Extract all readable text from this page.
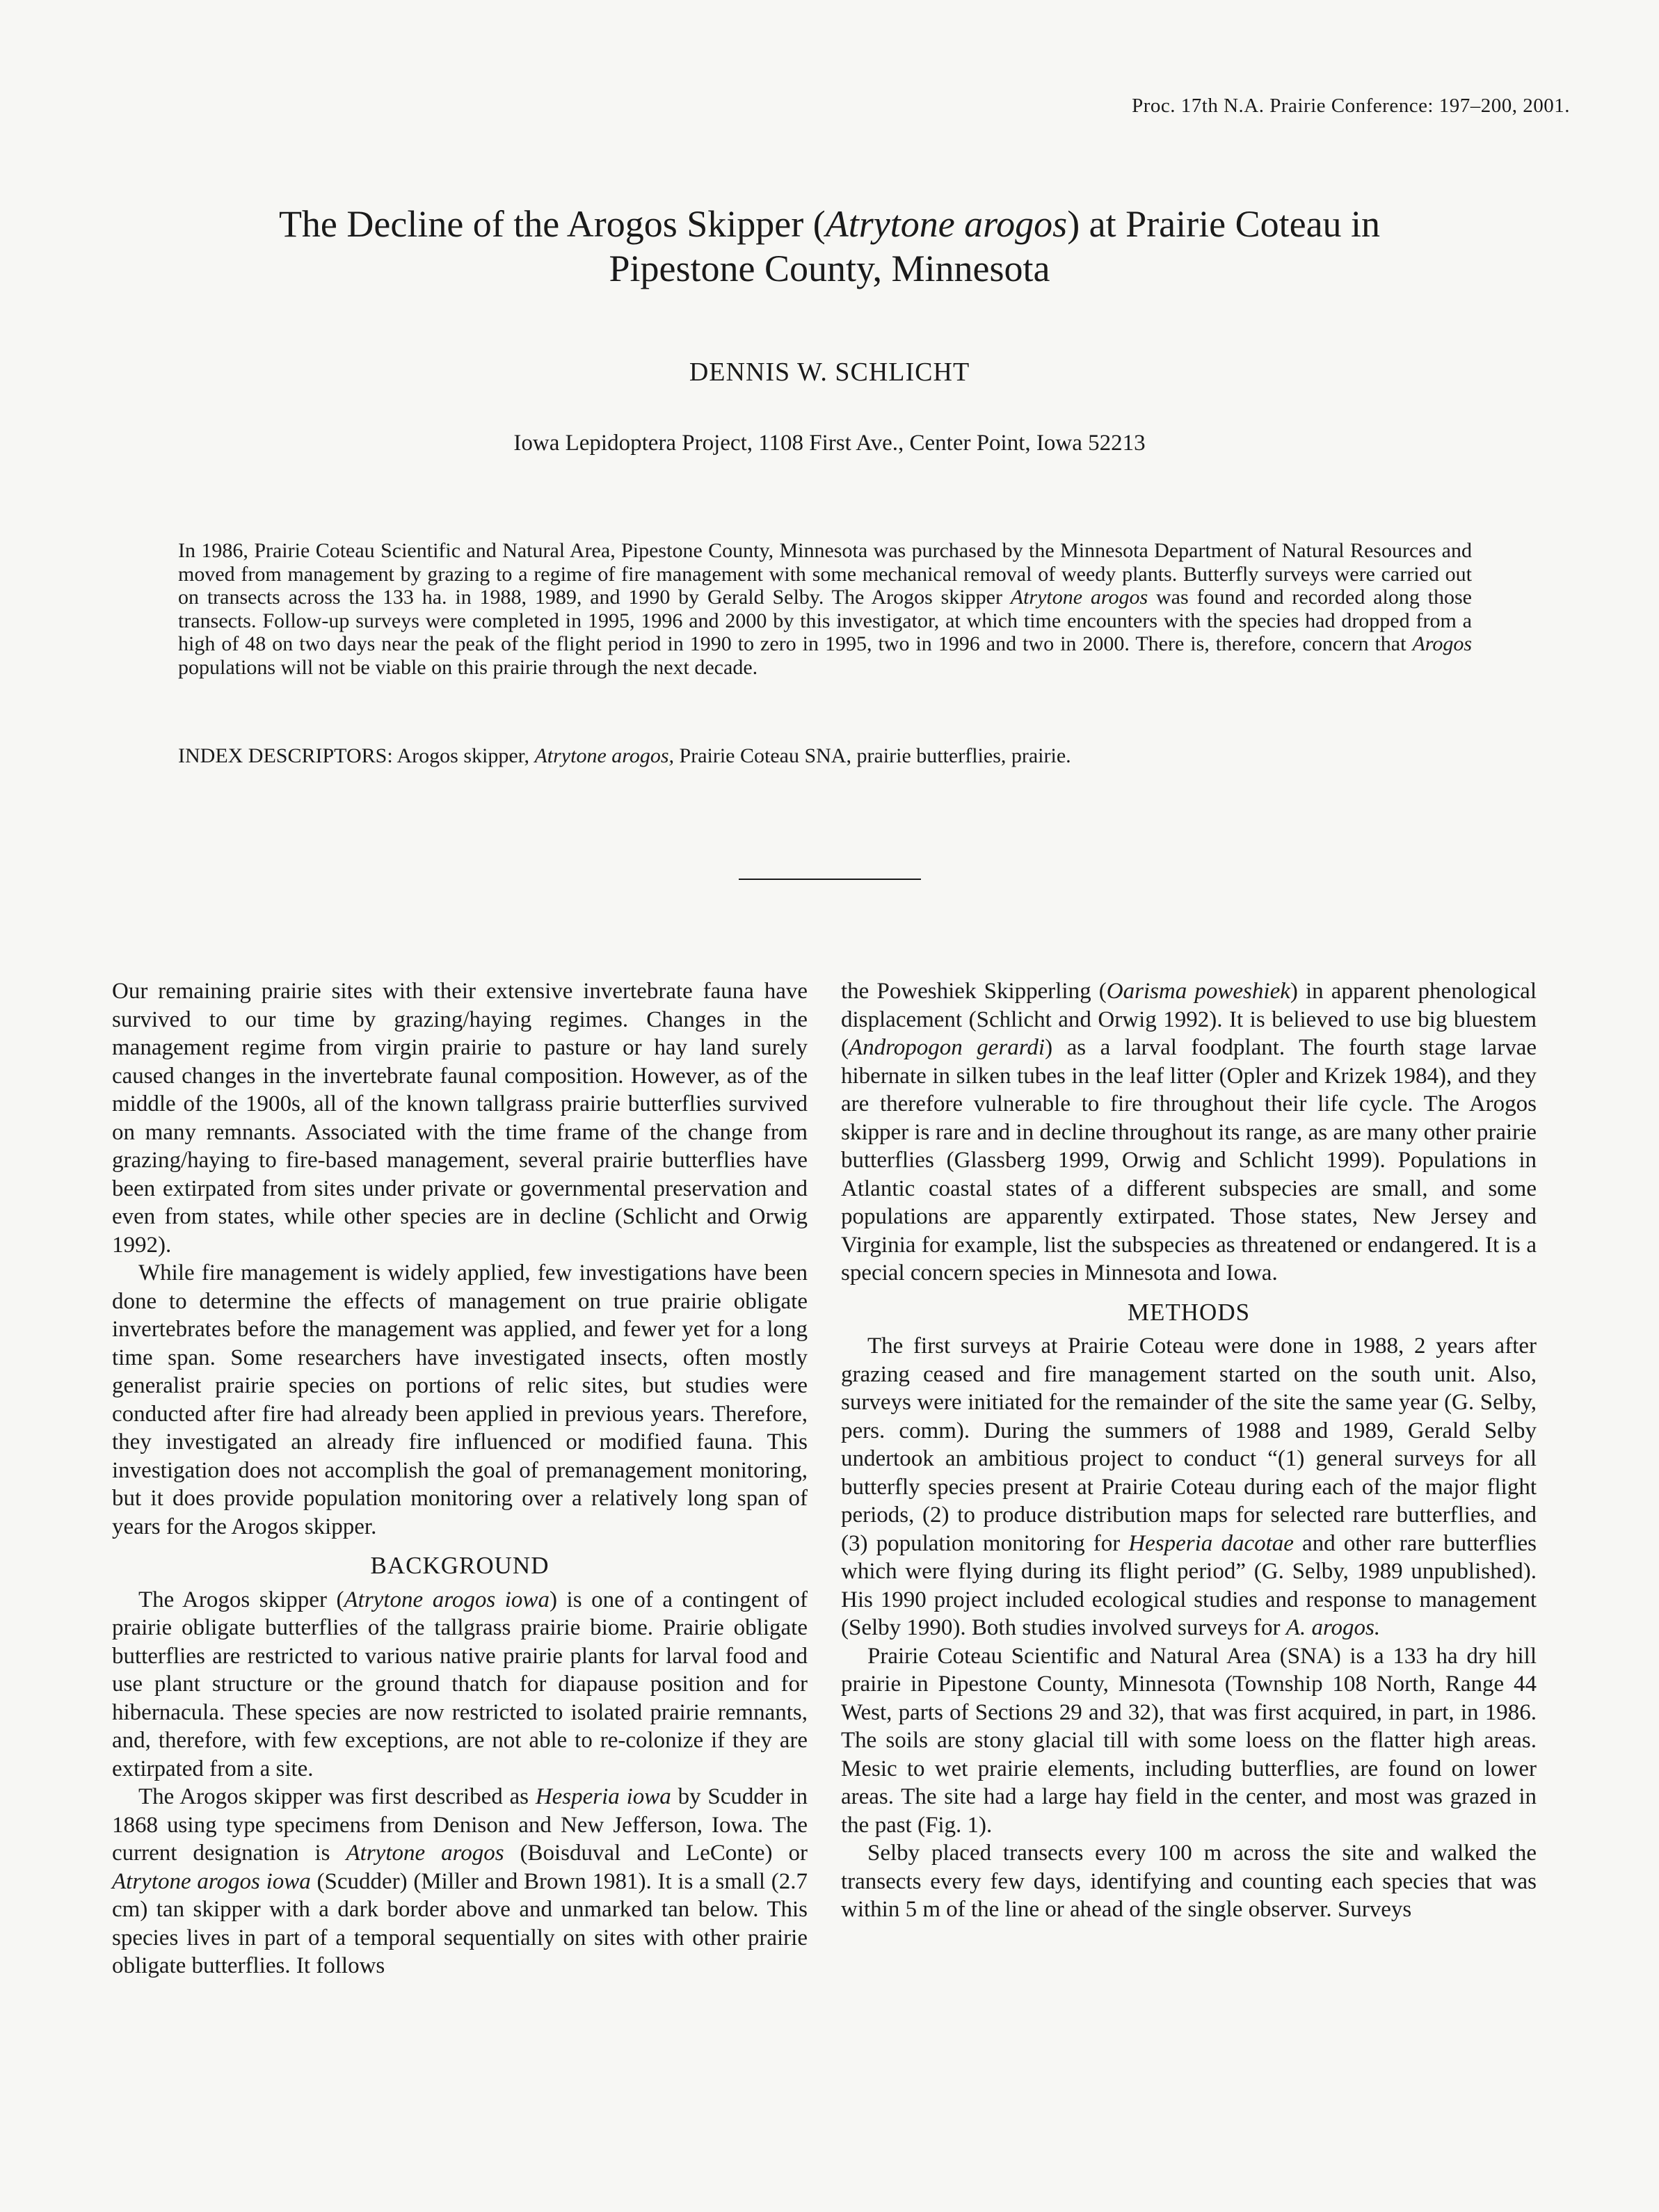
Proc. 17th N.A. Prairie Conference: 197–200, 2001.
The Decline of the Arogos Skipper (Atrytone arogos) at Prairie Coteau in
Pipestone County, Minnesota
DENNIS W. SCHLICHT
Iowa Lepidoptera Project, 1108 First Ave., Center Point, Iowa 52213

In 1986, Prairie Coteau Scientific and Natural Area, Pipestone County, Minnesota was purchased by the Minnesota Department of Natural Resources and moved from management by grazing to a regime of fire management with some mechanical removal of weedy plants. Butterfly surveys were carried out on transects across the 133 ha. in 1988, 1989, and 1990 by Gerald Selby. The Arogos skipper Atrytone arogos was found and recorded along those transects. Follow-up surveys were completed in 1995, 1996 and 2000 by this investigator, at which time encounters with the species had dropped from a high of 48 on two days near the peak of the flight period in 1990 to zero in 1995, two in 1996 and two in 2000. There is, therefore, concern that Arogos populations will not be viable on this prairie through the next decade.

INDEX DESCRIPTORS: Arogos skipper, Atrytone arogos, Prairie Coteau SNA, prairie butterflies, prairie.

Our remaining prairie sites with their extensive invertebrate fauna have survived to our time by grazing/haying regimes. Changes in the management regime from virgin prairie to pasture or hay land surely caused changes in the invertebrate faunal composition. However, as of the middle of the 1900s, all of the known tallgrass prairie butterflies survived on many remnants. Associated with the time frame of the change from grazing/haying to fire-based management, several prairie butterflies have been extirpated from sites under private or governmental preservation and even from states, while other species are in decline (Schlicht and Orwig 1992).

While fire management is widely applied, few investigations have been done to determine the effects of management on true prairie obligate invertebrates before the management was applied, and fewer yet for a long time span. Some researchers have investigated insects, often mostly generalist prairie species on portions of relic sites, but studies were conducted after fire had already been applied in previous years. Therefore, they investigated an already fire influenced or modified fauna. This investigation does not accomplish the goal of premanagement monitoring, but it does provide population monitoring over a relatively long span of years for the Arogos skipper.

BACKGROUND

The Arogos skipper (Atrytone arogos iowa) is one of a contingent of prairie obligate butterflies of the tallgrass prairie biome. Prairie obligate butterflies are restricted to various native prairie plants for larval food and use plant structure or the ground thatch for diapause position and for hibernacula. These species are now restricted to isolated prairie remnants, and, therefore, with few exceptions, are not able to re-colonize if they are extirpated from a site.

The Arogos skipper was first described as Hesperia iowa by Scudder in 1868 using type specimens from Denison and New Jefferson, Iowa. The current designation is Atrytone arogos (Boisduval and LeConte) or Atrytone arogos iowa (Scudder) (Miller and Brown 1981). It is a small (2.7 cm) tan skipper with a dark border above and unmarked tan below. This species lives in part of a temporal sequentially on sites with other prairie obligate butterflies. It follows

the Poweshiek Skipperling (Oarisma poweshiek) in apparent phenological displacement (Schlicht and Orwig 1992). It is believed to use big bluestem (Andropogon gerardi) as a larval foodplant. The fourth stage larvae hibernate in silken tubes in the leaf litter (Opler and Krizek 1984), and they are therefore vulnerable to fire throughout their life cycle. The Arogos skipper is rare and in decline throughout its range, as are many other prairie butterflies (Glassberg 1999, Orwig and Schlicht 1999). Populations in Atlantic coastal states of a different subspecies are small, and some populations are apparently extirpated. Those states, New Jersey and Virginia for example, list the subspecies as threatened or endangered. It is a special concern species in Minnesota and Iowa.

METHODS

The first surveys at Prairie Coteau were done in 1988, 2 years after grazing ceased and fire management started on the south unit. Also, surveys were initiated for the remainder of the site the same year (G. Selby, pers. comm). During the summers of 1988 and 1989, Gerald Selby undertook an ambitious project to conduct “(1) general surveys for all butterfly species present at Prairie Coteau during each of the major flight periods, (2) to produce distribution maps for selected rare butterflies, and (3) population monitoring for Hesperia dacotae and other rare butterflies which were flying during its flight period” (G. Selby, 1989 unpublished). His 1990 project included ecological studies and response to management (Selby 1990). Both studies involved surveys for A. arogos.

Prairie Coteau Scientific and Natural Area (SNA) is a 133 ha dry hill prairie in Pipestone County, Minnesota (Township 108 North, Range 44 West, parts of Sections 29 and 32), that was first acquired, in part, in 1986. The soils are stony glacial till with some loess on the flatter high areas. Mesic to wet prairie elements, including butterflies, are found on lower areas. The site had a large hay field in the center, and most was grazed in the past (Fig. 1).

Selby placed transects every 100 m across the site and walked the transects every few days, identifying and counting each species that was within 5 m of the line or ahead of the single observer. Surveys
